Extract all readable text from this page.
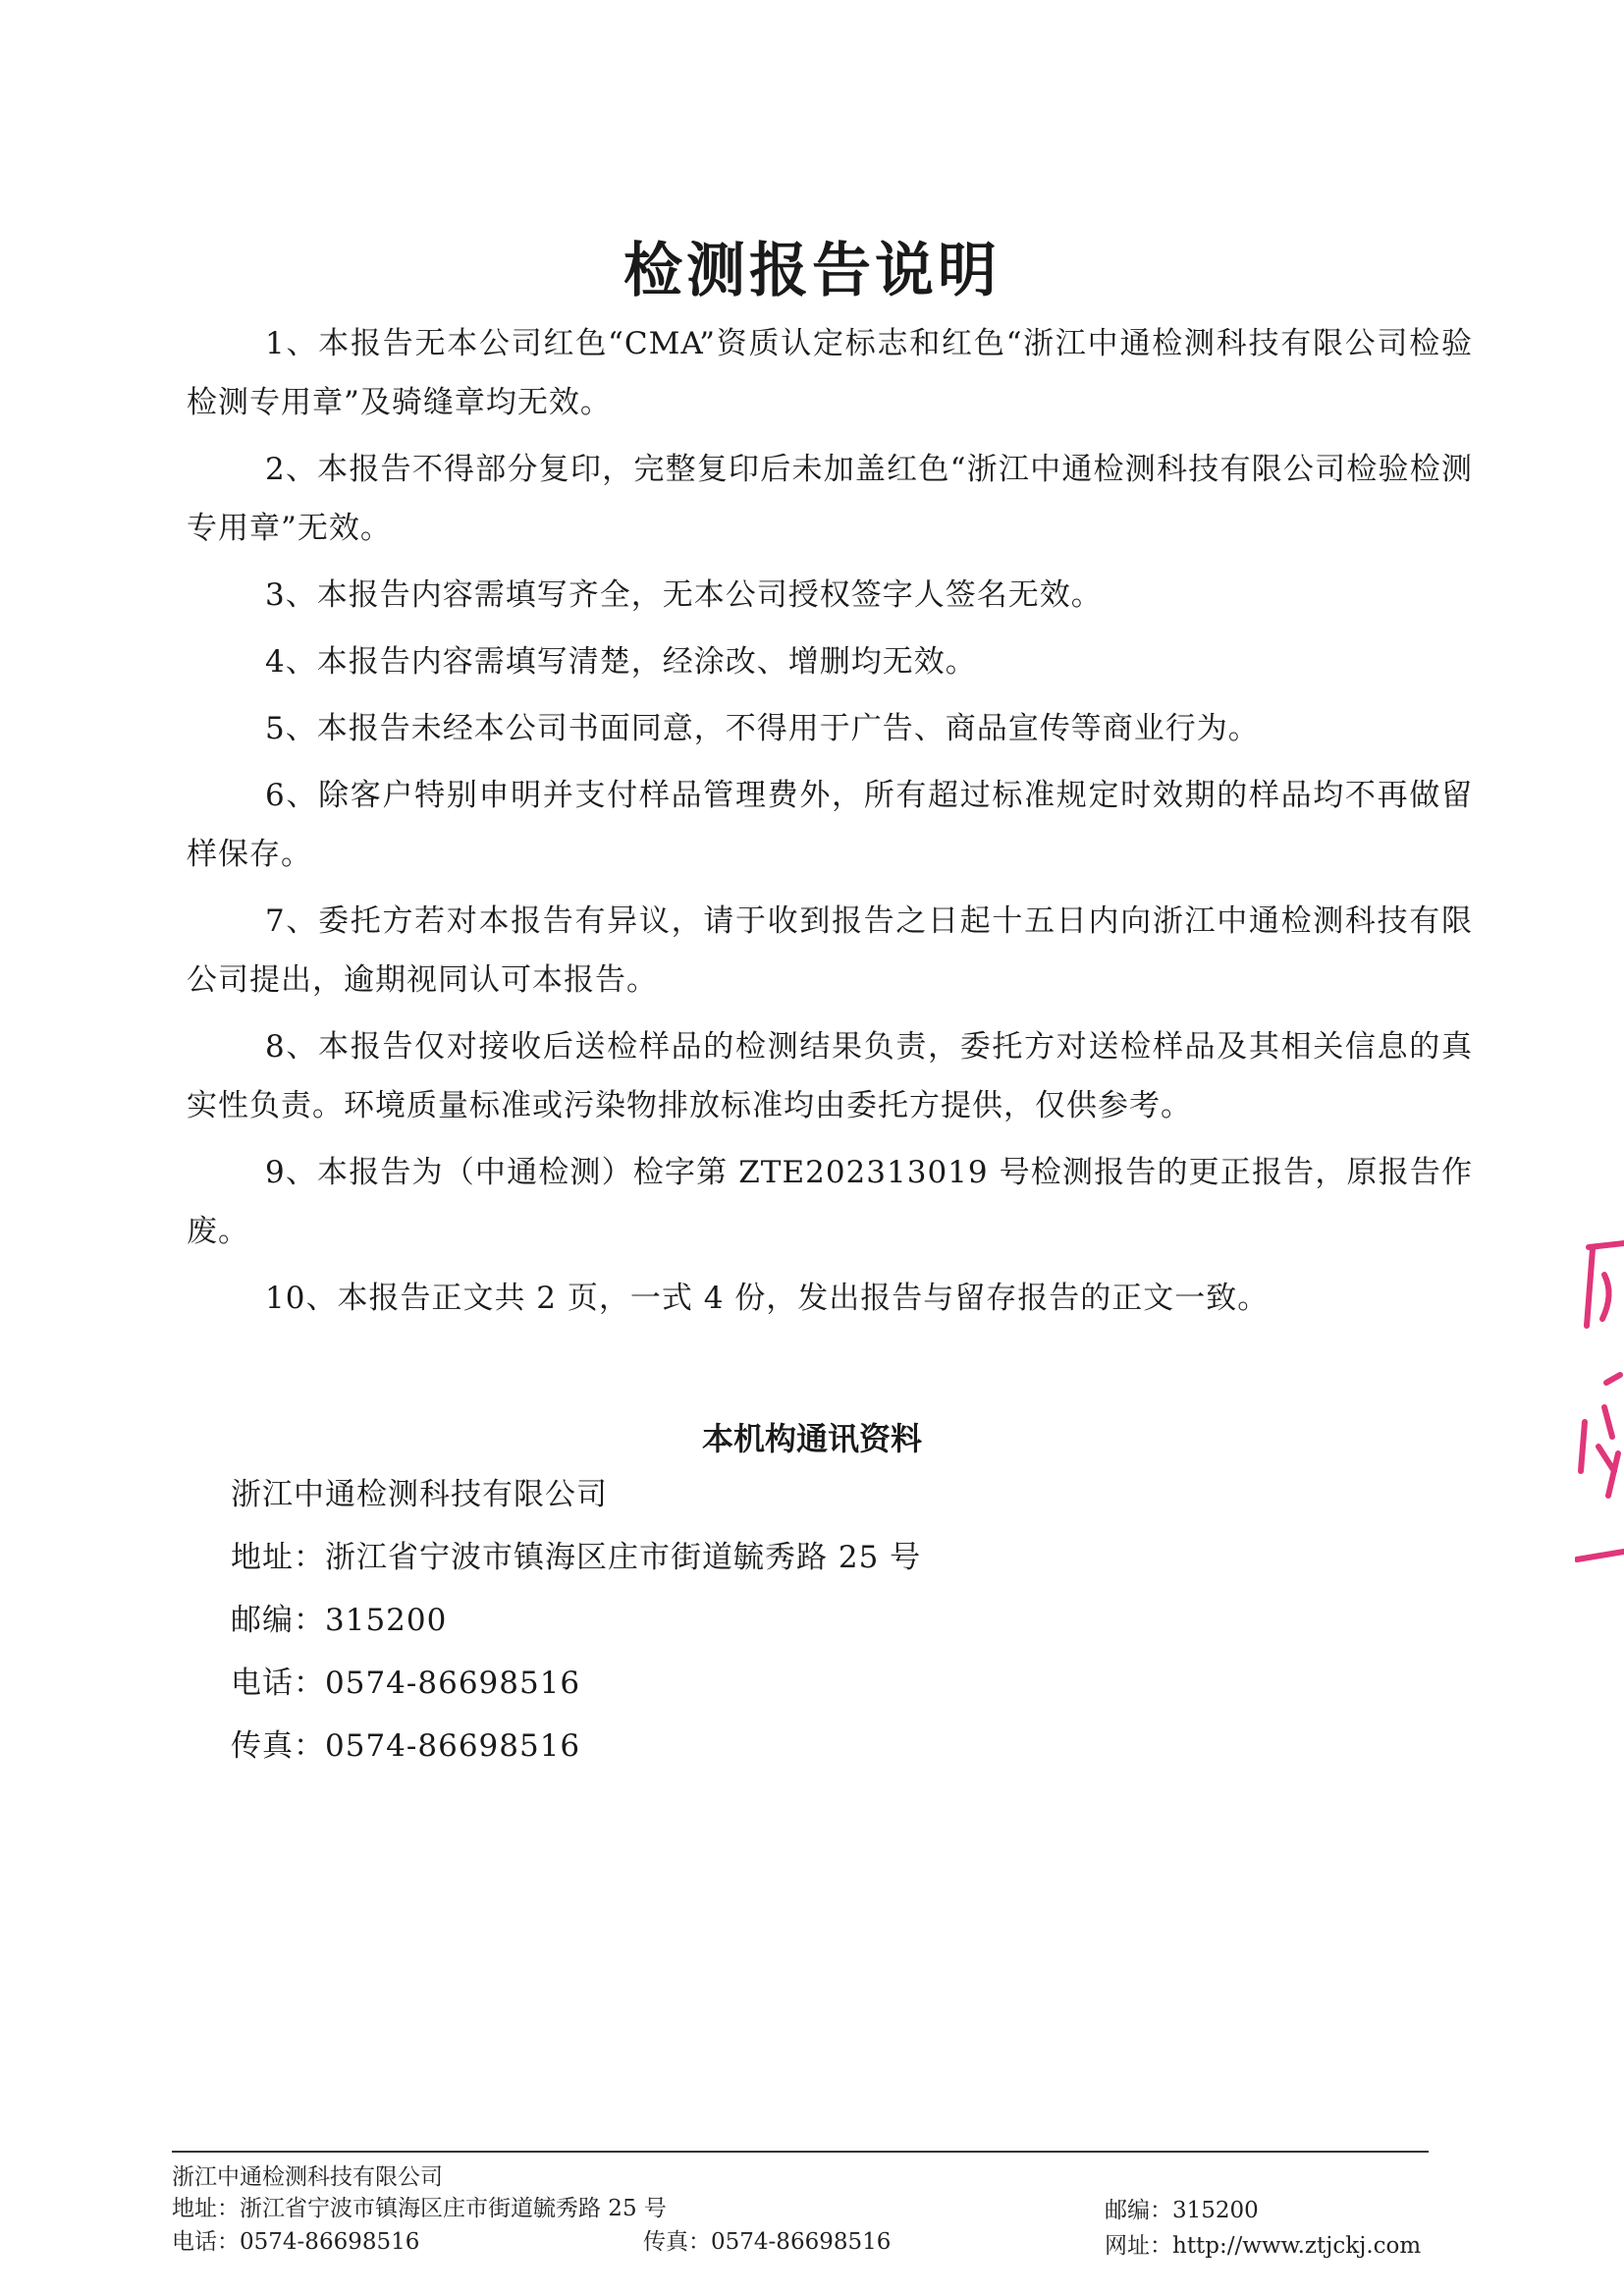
检测报告说明

1、本报告无本公司红色“CMA”资质认定标志和红色“浙江中通检测科技有限公司检验检测专用章”及骑缝章均无效。

2、本报告不得部分复印，完整复印后未加盖红色“浙江中通检测科技有限公司检验检测专用章”无效。

3、本报告内容需填写齐全，无本公司授权签字人签名无效。

4、本报告内容需填写清楚，经涂改、增删均无效。

5、本报告未经本公司书面同意，不得用于广告、商品宣传等商业行为。

6、除客户特别申明并支付样品管理费外，所有超过标准规定时效期的样品均不再做留样保存。

7、委托方若对本报告有异议，请于收到报告之日起十五日内向浙江中通检测科技有限公司提出，逾期视同认可本报告。

8、本报告仅对接收后送检样品的检测结果负责，委托方对送检样品及其相关信息的真实性负责。环境质量标准或污染物排放标准均由委托方提供，仅供参考。

9、本报告为（中通检测）检字第 ZTE202313019 号检测报告的更正报告，原报告作废。

10、本报告正文共 2 页，一式 4 份，发出报告与留存报告的正文一致。

本机构通讯资料

浙江中通检测科技有限公司

地址：浙江省宁波市镇海区庄市街道毓秀路 25 号

邮编：315200

电话：0574-86698516

传真：0574-86698516

浙江中通检测科技有限公司

地址：浙江省宁波市镇海区庄市街道毓秀路 25 号

电话：0574-86698516	传真：0574-86698516

邮编：315200

网址：http://www.ztjckj.com
